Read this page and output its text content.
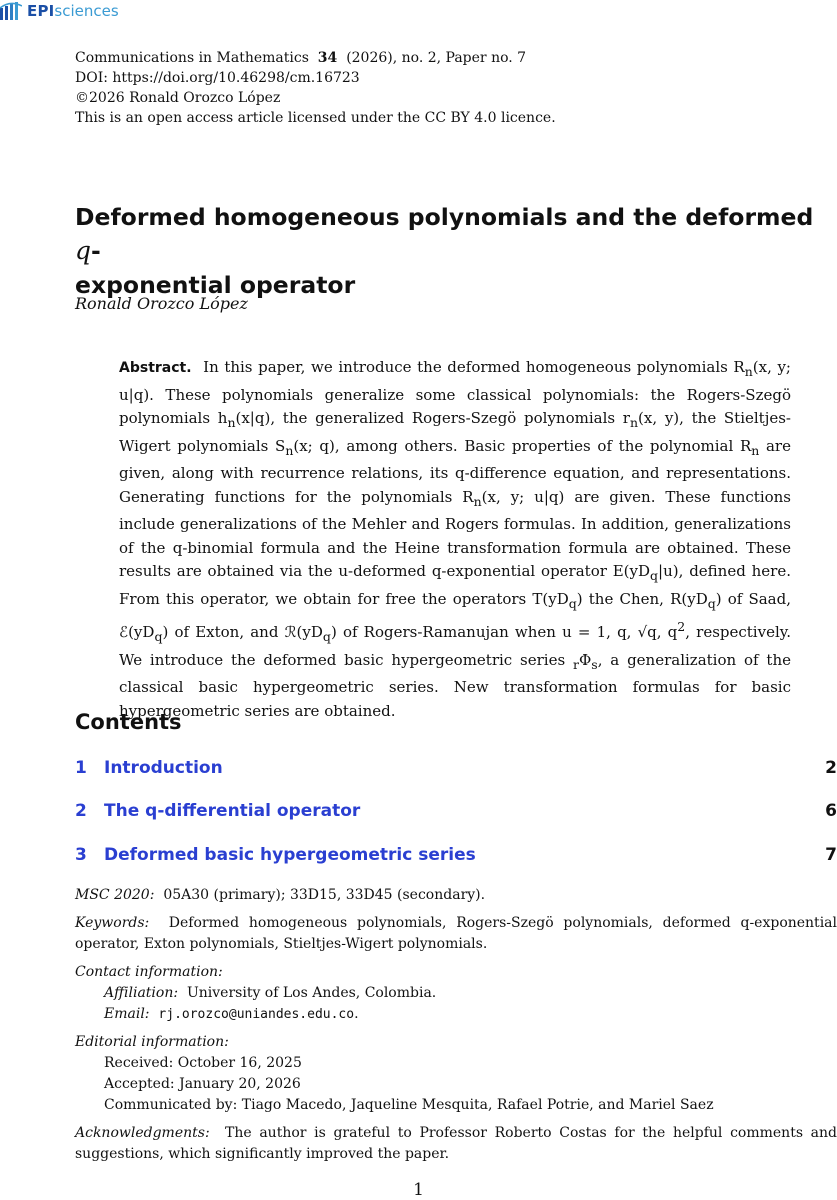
EPI sciences
Communications in Mathematics 34 (2026), no. 2, Paper no. 7
DOI: https://doi.org/10.46298/cm.16723
©2026 Ronald Orozco López
This is an open access article licensed under the CC BY 4.0 licence.
Deformed homogeneous polynomials and the deformed q-
exponential operator
Ronald Orozco López
Abstract. In this paper, we introduce the deformed homogeneous polynomials $R_n(x$, y; u|q). These polynomials generalize some classical polynomials: the Rogers-Szegö polynomials $h_n(x|q)$, the generalized Rogers-Szegö polynomials $r_n(x$, y), the Stieltjes-Wigert polynomials $S_n(x$; q), among others. Basic properties of the polynomial $R_n$ are given, along with recurrence relations, its q-difference equation, and representations. Generating functions for the polynomials $R_n(x$, y; u|q) are given. These functions include generalizations of the Mehler and Rogers formulas. In addition, generalizations of the q-binomial formula and the Heine transformation formula are obtained. These results are obtained via the u-deformed q-exponential operator $E(yD_q|u)$, defined here. From this operator, we obtain for free the operators $T(yD_q)$ the Chen, $R(yD_q)$ of Saad, $ℰ(yD_q)$ of Exton, and $ℛ(yD_q)$ of Rogers-Ramanujan when u = 1, q, √q, $q^2$, respectively. We introduce the deformed basic hypergeometric series $_r\Phi_s$, a generalization of the classical basic hypergeometric series. New transformation formulas for basic hypergeometric series are obtained.
Contents
1 Introduction	2
2 The q-differential operator	6
3 Deformed basic hypergeometric series	7
MSC 2020: 05A30 (primary); 33D15, 33D45 (secondary).
Keywords: Deformed homogeneous polynomials, Rogers-Szegö polynomials, deformed q-exponential operator, Exton polynomials, Stieltjes-Wigert polynomials.
Contact information:
Affiliation: University of Los Andes, Colombia.
Email: rj.orozco@uniandes.edu.co.
Editorial information:
Received: October 16, 2025
Accepted: January 20, 2026
Communicated by: Tiago Macedo, Jaqueline Mesquita, Rafael Potrie, and Mariel Saez
Acknowledgments: The author is grateful to Professor Roberto Costas for the helpful comments and suggestions, which significantly improved the paper.
1
